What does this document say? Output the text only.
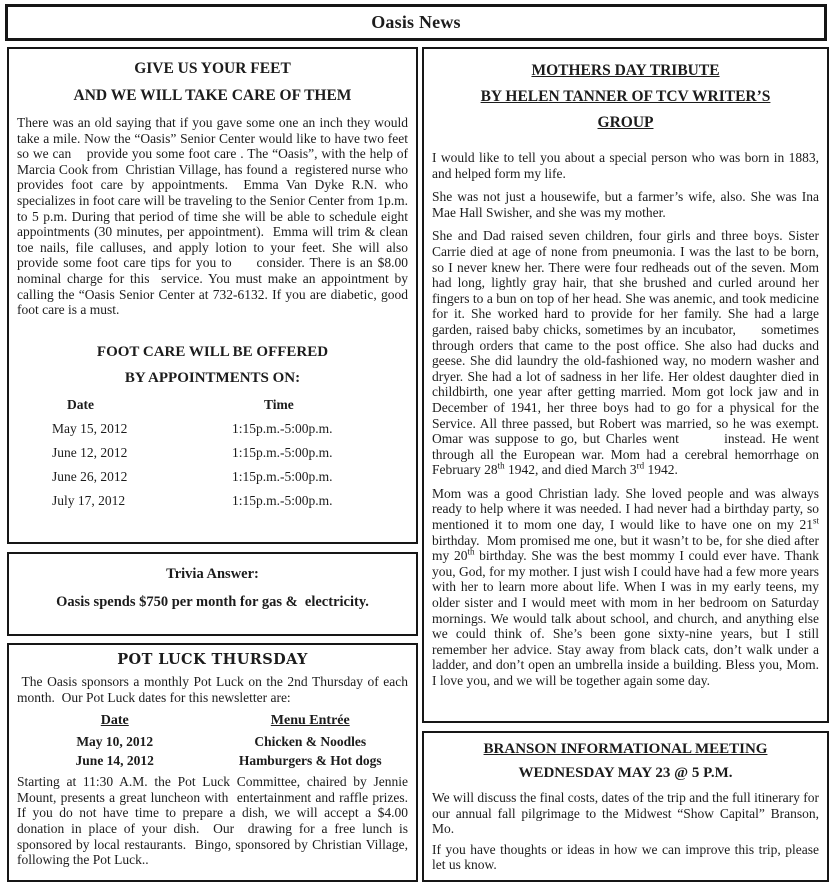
Oasis News
GIVE US YOUR FEET
AND WE WILL TAKE CARE OF THEM

There was an old saying that if you gave some one an inch they would take a mile. Now the “Oasis” Senior Center would like to have two feet so we can    provide you some foot care . The “Oasis”, with the help of Marcia Cook from  Christian Village, has found a  registered nurse who provides foot care by appointments.  Emma Van Dyke R.N. who  specializes in foot care will be traveling to the Senior Center from 1p.m. to 5 p.m. During that period of time she will be able to schedule eight appointments (30 minutes, per appointment).  Emma will trim & clean toe nails, file calluses, and apply lotion to your feet. She will also provide some foot care tips for you to     consider. There is an $8.00 nominal charge for this  service. You must make an appointment by calling the “Oasis Senior Center at 732-6132. If you are diabetic, good foot care is a must.

FOOT CARE WILL BE OFFERED
BY APPOINTMENTS ON:
Date	Time
May 15, 2012	1:15p.m.-5:00p.m.
June 12, 2012	1:15p.m.-5:00p.m.
June 26, 2012	1:15p.m.-5:00p.m.
July 17, 2012	1:15p.m.-5:00p.m.
Trivia Answer:
Oasis spends $750 per month for gas &  electricity.
POT LUCK THURSDAY

The Oasis sponsors a monthly Pot Luck on the 2nd Thursday of each month.  Our Pot Luck dates for this newsletter are:

Date	Menu Entrée
May 10, 2012	Chicken & Noodles
June 14, 2012	Hamburgers & Hot dogs

Starting at 11:30 A.M. the Pot Luck Committee, chaired by Jennie Mount, presents a great luncheon with  entertainment and raffle prizes. If you do not have time to prepare a dish, we will accept a $4.00 donation in place of your dish.  Our  drawing for a free lunch is sponsored by local restaurants.  Bingo, sponsored by Christian Village, following the Pot Luck..

MOTHERS DAY TRIBUTE
BY HELEN TANNER OF TCV WRITER’S
GROUP

I would like to tell you about a special person who was born in 1883, and helped form my life.

She was not just a housewife, but a farmer’s wife, also. She was Ina Mae Hall Swisher, and she was my mother.

She and Dad raised seven children, four girls and three boys. Sister Carrie died at age of none from pneumonia. I was the last to be born, so I never knew her. There were four redheads out of the seven. Mom had long, lightly gray hair, that she brushed and curled around her fingers to a bun on top of her head. She was anemic, and took medicine for it. She worked hard to provide for her family. She had a large garden, raised baby chicks, sometimes by an incubator,      sometimes through orders that came to the post office. She also had ducks and geese. She did laundry the old-fashioned way, no modern washer and dryer. She had a lot of sadness in her life. Her oldest daughter died in childbirth, one year after getting married. Mom got lock jaw and in December of 1941, her three boys had to go for a physical for the Service. All three passed, but Robert was married, so he was exempt. Omar was suppose to go, but Charles went        instead. He went through all the European war. Mom had a cerebral hemorrhage on February 28th 1942, and died March 3rd 1942.

Mom was a good Christian lady. She loved people and was always ready to help where it was needed. I had never had a birthday party, so mentioned it to mom one day, I would like to have one on my 21st birthday.  Mom promised me one, but it wasn’t to be, for she died after my 20th birthday. She was the best mommy I could ever have. Thank you, God, for my mother. I just wish I could have had a few more years with her to learn more about life. When I was in my early teens, my older sister and I would meet with mom in her bedroom on Saturday mornings. We would talk about school, and church, and anything else we could think of. She’s been gone sixty-nine years, but I still remember her advice. Stay away from black cats, don’t walk under a ladder, and don’t open an umbrella inside a building. Bless you, Mom. I love you, and we will be together again some day.

BRANSON INFORMATIONAL MEETING
WEDNESDAY MAY 23 @ 5 P.M.

We will discuss the final costs, dates of the trip and the full itinerary for our annual fall pilgrimage to the Midwest “Show Capital” Branson, Mo.

If you have thoughts or ideas in how we can improve this trip, please let us know.
